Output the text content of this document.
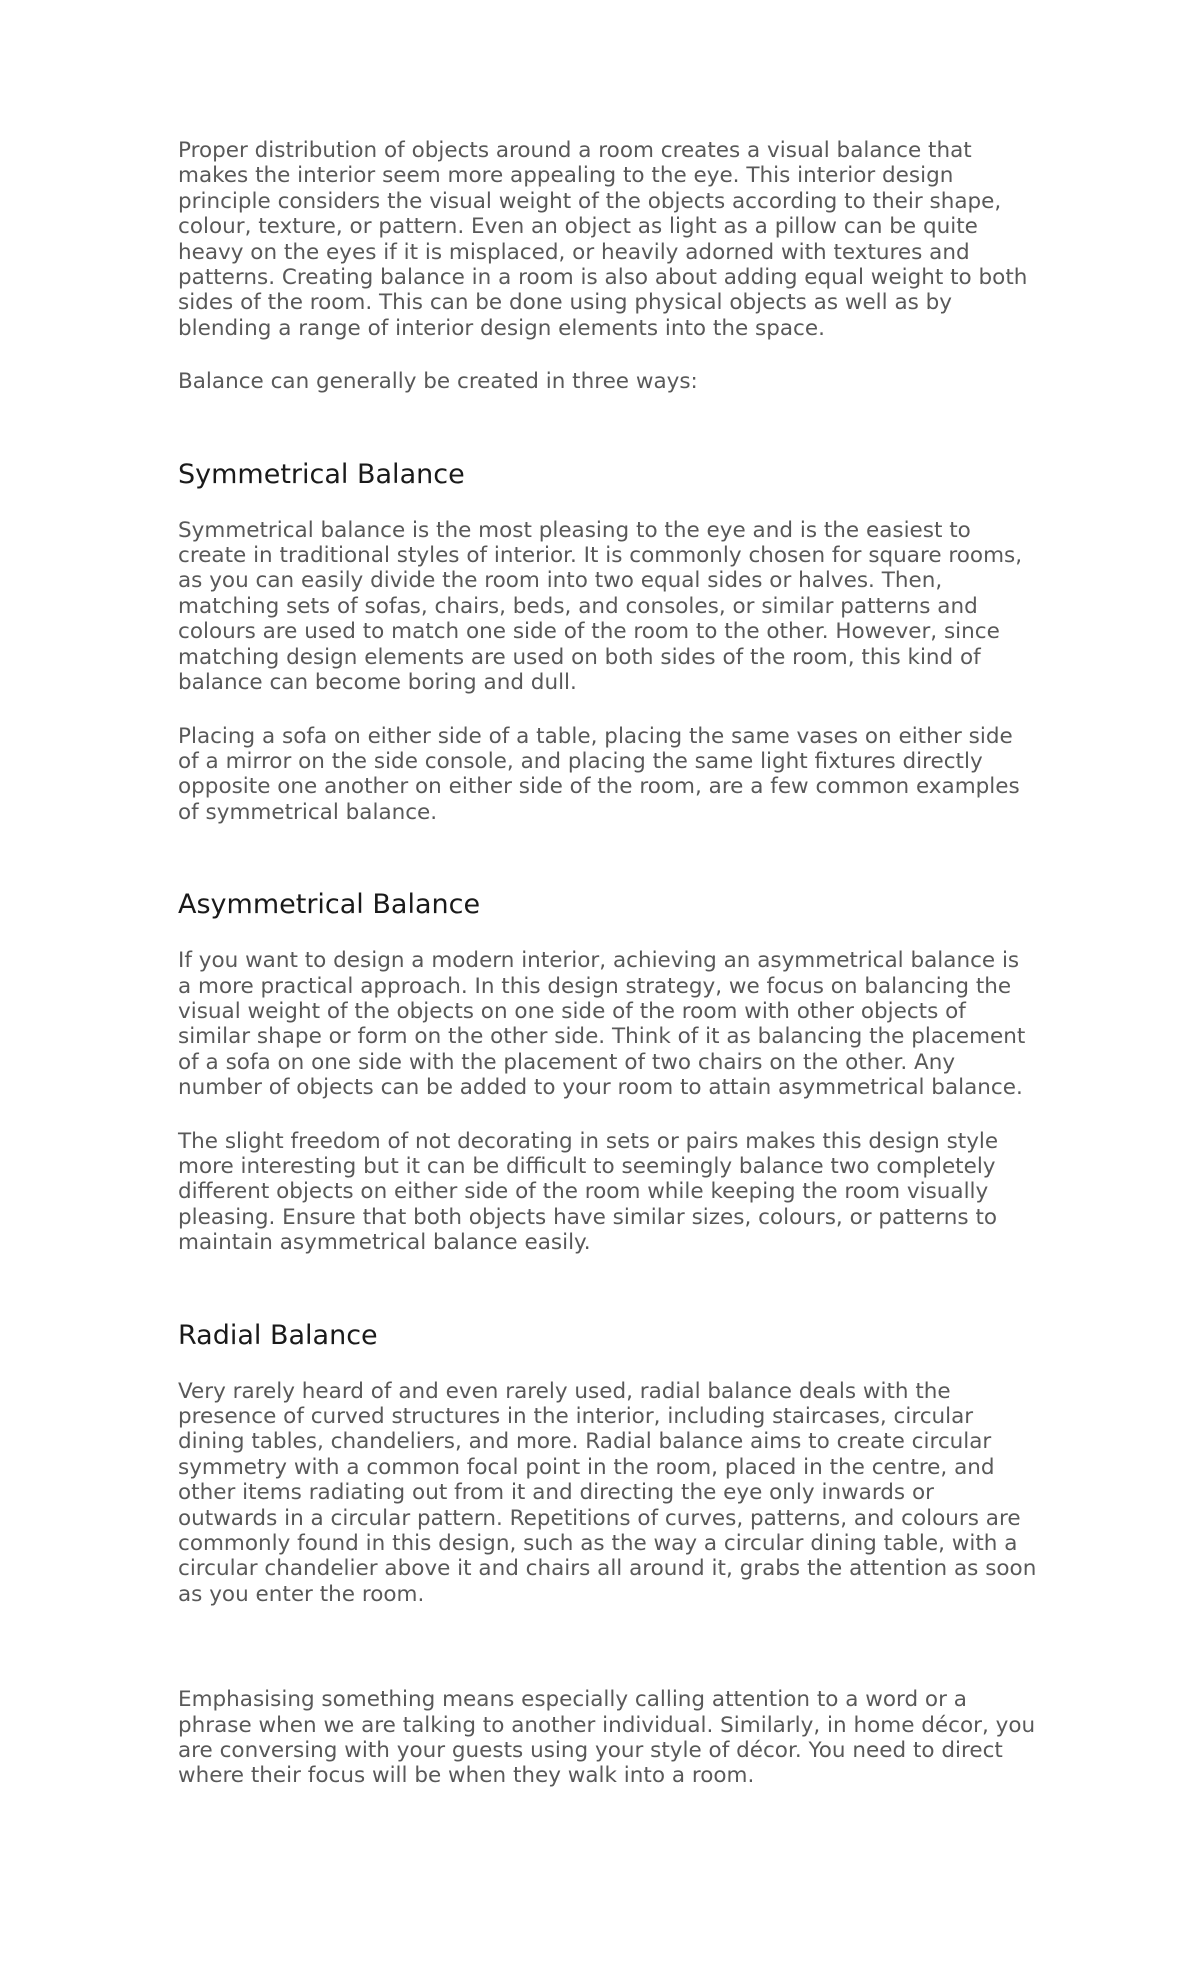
Proper distribution of objects around a room creates a visual balance that makes the interior seem more appealing to the eye. This interior design principle considers the visual weight of the objects according to their shape, colour, texture, or pattern. Even an object as light as a pillow can be quite heavy on the eyes if it is misplaced, or heavily adorned with textures and patterns. Creating balance in a room is also about adding equal weight to both sides of the room. This can be done using physical objects as well as by blending a range of interior design elements into the space.

Balance can generally be created in three ways:

Symmetrical Balance

Symmetrical balance is the most pleasing to the eye and is the easiest to create in traditional styles of interior. It is commonly chosen for square rooms, as you can easily divide the room into two equal sides or halves. Then, matching sets of sofas, chairs, beds, and consoles, or similar patterns and colours are used to match one side of the room to the other. However, since matching design elements are used on both sides of the room, this kind of balance can become boring and dull.

Placing a sofa on either side of a table, placing the same vases on either side of a mirror on the side console, and placing the same light fixtures directly opposite one another on either side of the room, are a few common examples of symmetrical balance.

Asymmetrical Balance

If you want to design a modern interior, achieving an asymmetrical balance is a more practical approach. In this design strategy, we focus on balancing the visual weight of the objects on one side of the room with other objects of similar shape or form on the other side. Think of it as balancing the placement of a sofa on one side with the placement of two chairs on the other. Any number of objects can be added to your room to attain asymmetrical balance.

The slight freedom of not decorating in sets or pairs makes this design style more interesting but it can be difficult to seemingly balance two completely different objects on either side of the room while keeping the room visually pleasing. Ensure that both objects have similar sizes, colours, or patterns to maintain asymmetrical balance easily.

Radial Balance

Very rarely heard of and even rarely used, radial balance deals with the presence of curved structures in the interior, including staircases, circular dining tables, chandeliers, and more. Radial balance aims to create circular symmetry with a common focal point in the room, placed in the centre, and other items radiating out from it and directing the eye only inwards or outwards in a circular pattern. Repetitions of curves, patterns, and colours are commonly found in this design, such as the way a circular dining table, with a circular chandelier above it and chairs all around it, grabs the attention as soon as you enter the room.

Emphasising something means especially calling attention to a word or a phrase when we are talking to another individual. Similarly, in home décor, you are conversing with your guests using your style of décor. You need to direct where their focus will be when they walk into a room.
